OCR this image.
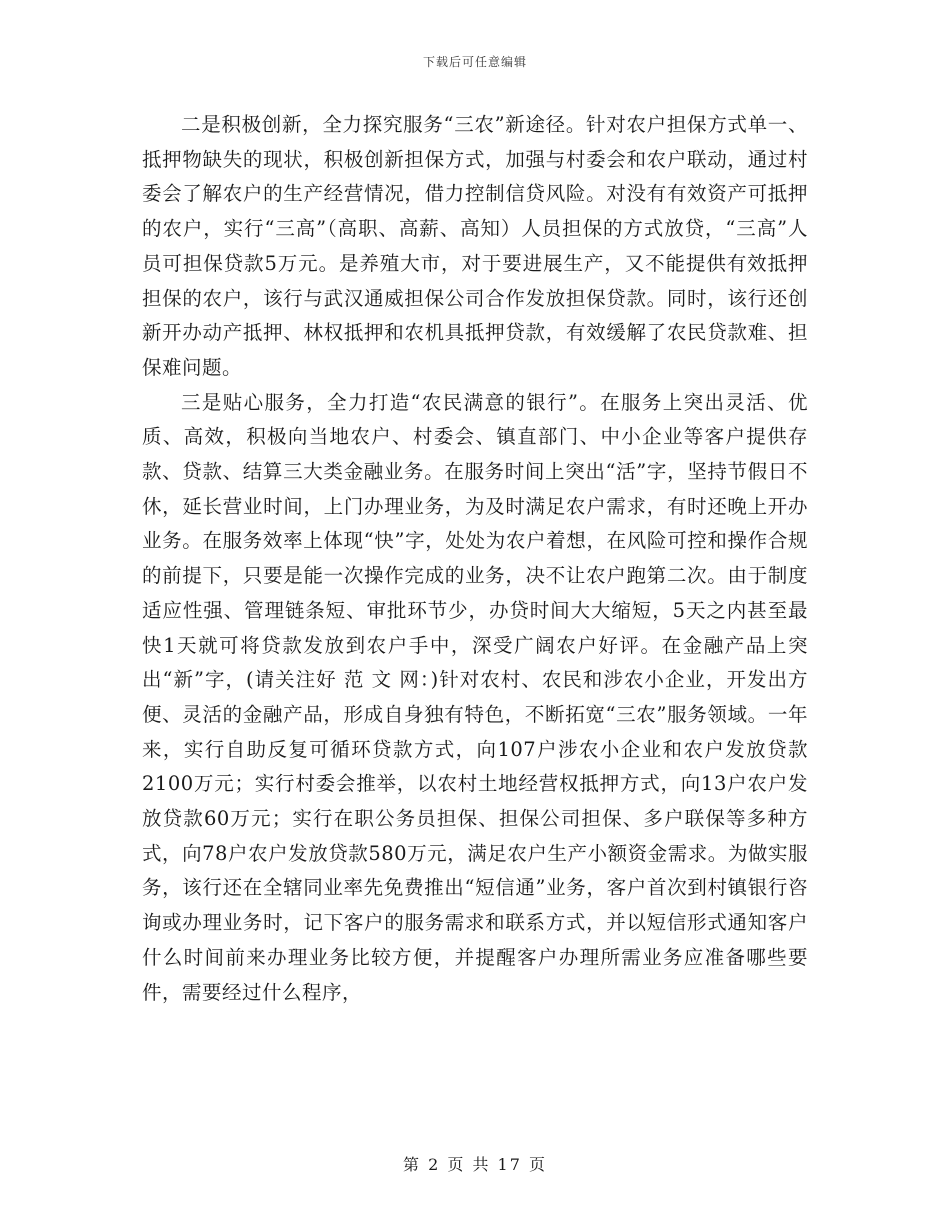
下载后可任意编辑

二是积极创新，全力探究服务“三农”新途径。针对农户担保方式单一、抵押物缺失的现状，积极创新担保方式，加强与村委会和农户联动，通过村委会了解农户的生产经营情况，借力控制信贷风险。对没有有效资产可抵押的农户，实行“三高”（高职、高薪、高知）人员担保的方式放贷，“三高”人员可担保贷款5万元。是养殖大市，对于要进展生产，又不能提供有效抵押担保的农户，该行与武汉通威担保公司合作发放担保贷款。同时，该行还创新开办动产抵押、林权抵押和农机具抵押贷款，有效缓解了农民贷款难、担保难问题。

三是贴心服务，全力打造“农民满意的银行”。在服务上突出灵活、优质、高效，积极向当地农户、村委会、镇直部门、中小企业等客户提供存款、贷款、结算三大类金融业务。在服务时间上突出“活”字，坚持节假日不休，延长营业时间，上门办理业务，为及时满足农户需求，有时还晚上开办业务。在服务效率上体现“快”字，处处为农户着想，在风险可控和操作合规的前提下，只要是能一次操作完成的业务，决不让农户跑第二次。由于制度适应性强、管理链条短、审批环节少，办贷时间大大缩短，5天之内甚至最快1天就可将贷款发放到农户手中，深受广阔农户好评。在金融产品上突出“新”字，(请关注好 范 文 网：)针对农村、农民和涉农小企业，开发出方便、灵活的金融产品，形成自身独有特色，不断拓宽“三农”服务领域。一年来，实行自助反复可循环贷款方式，向107户涉农小企业和农户发放贷款2100万元；实行村委会推举，以农村土地经营权抵押方式，向13户农户发放贷款60万元；实行在职公务员担保、担保公司担保、多户联保等多种方式，向78户农户发放贷款580万元，满足农户生产小额资金需求。为做实服务，该行还在全辖同业率先免费推出“短信通”业务，客户首次到村镇银行咨询或办理业务时，记下客户的服务需求和联系方式，并以短信形式通知客户什么时间前来办理业务比较方便，并提醒客户办理所需业务应准备哪些要件，需要经过什么程序，

第 2 页 共 17 页
